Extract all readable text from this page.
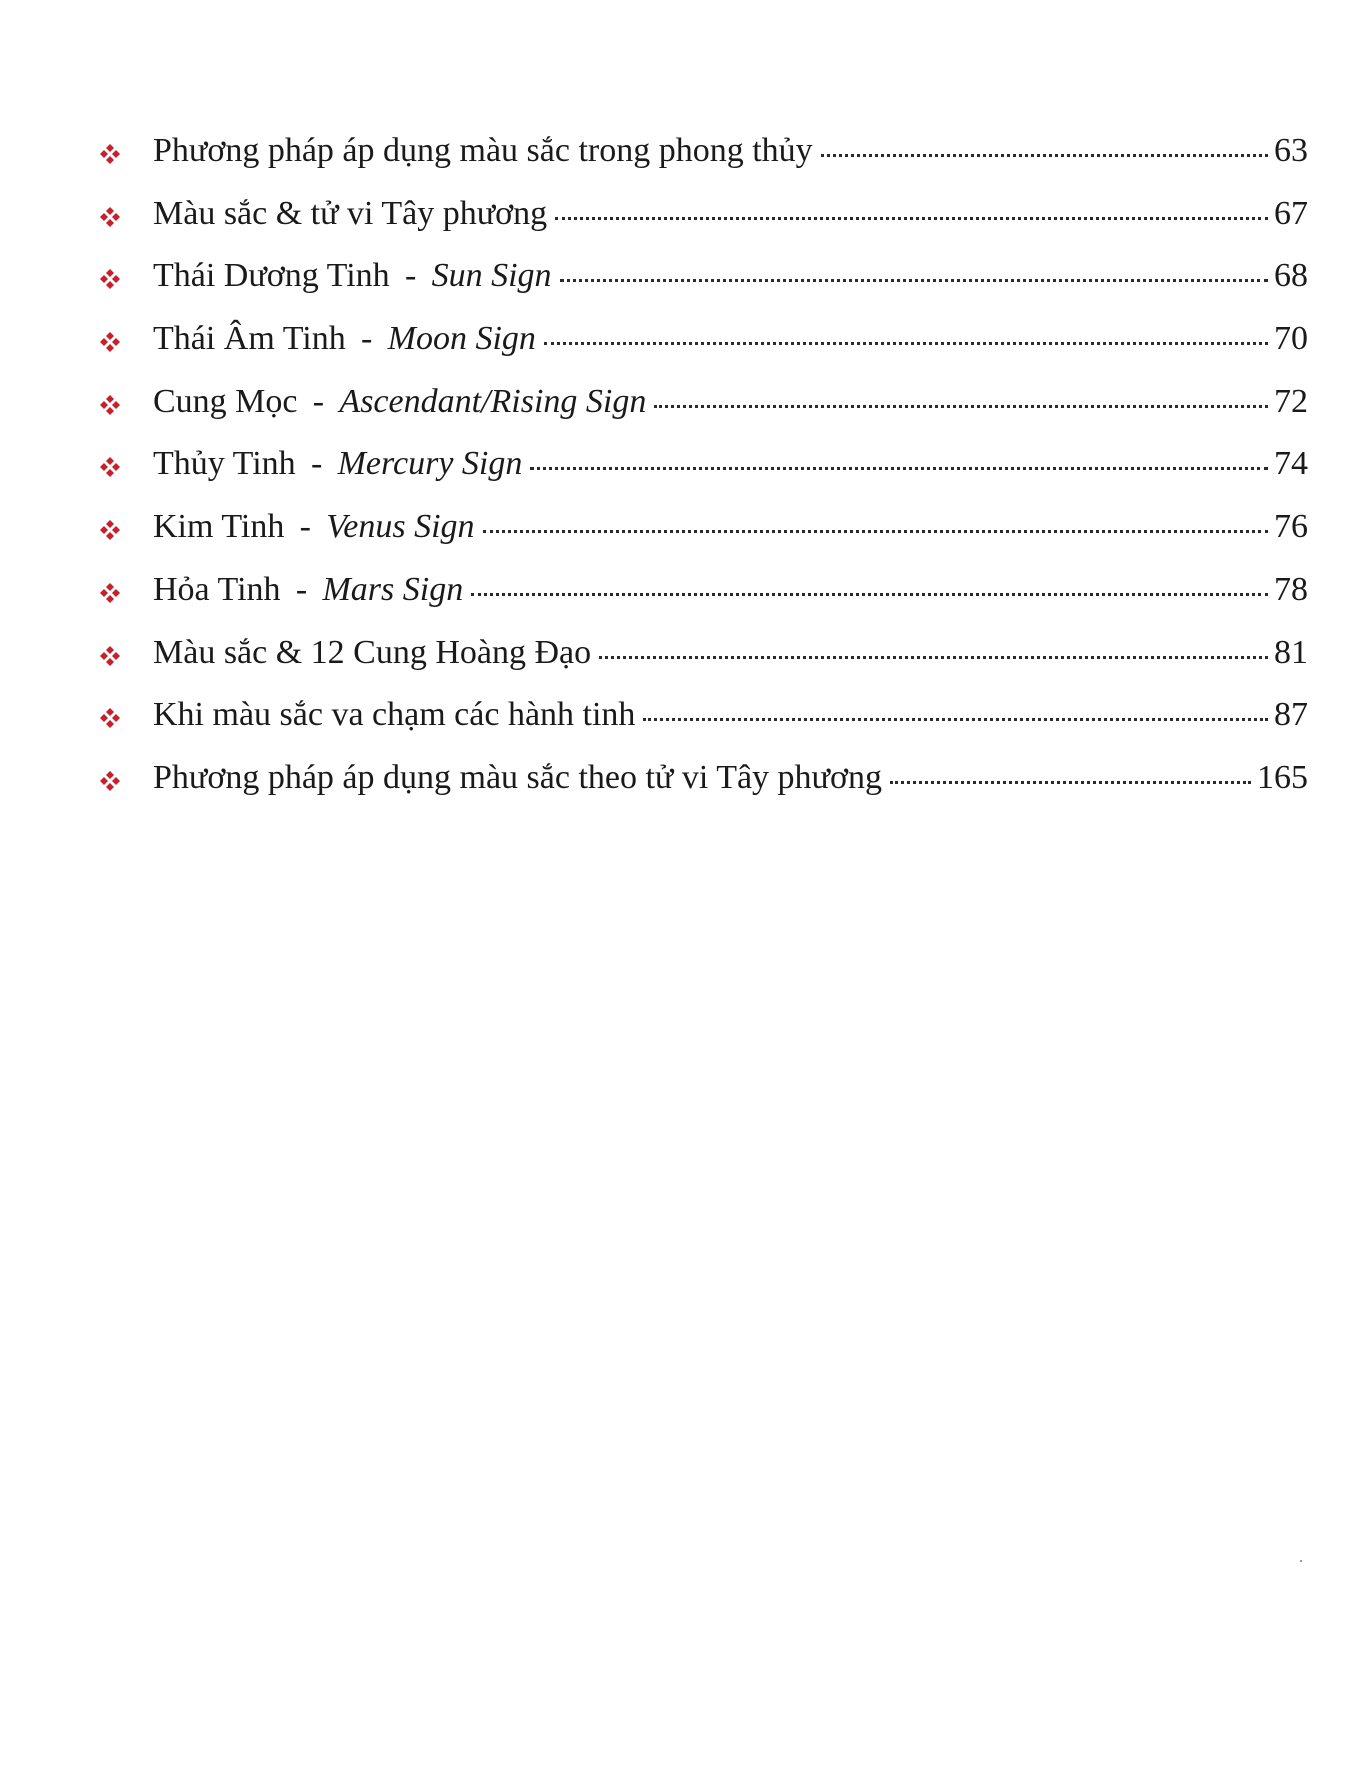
Phương pháp áp dụng màu sắc trong phong thủy	63
Màu sắc & tử vi Tây phương	67
Thái Dương Tinh - Sun Sign	68
Thái Âm Tinh - Moon Sign	70
Cung Mọc - Ascendant/Rising Sign	72
Thủy Tinh - Mercury Sign	74
Kim Tinh - Venus Sign	76
Hỏa Tinh - Mars Sign	78
Màu sắc & 12 Cung Hoàng Đạo	81
Khi màu sắc va chạm các hành tinh	87
Phương pháp áp dụng màu sắc theo tử vi Tây phương	165
